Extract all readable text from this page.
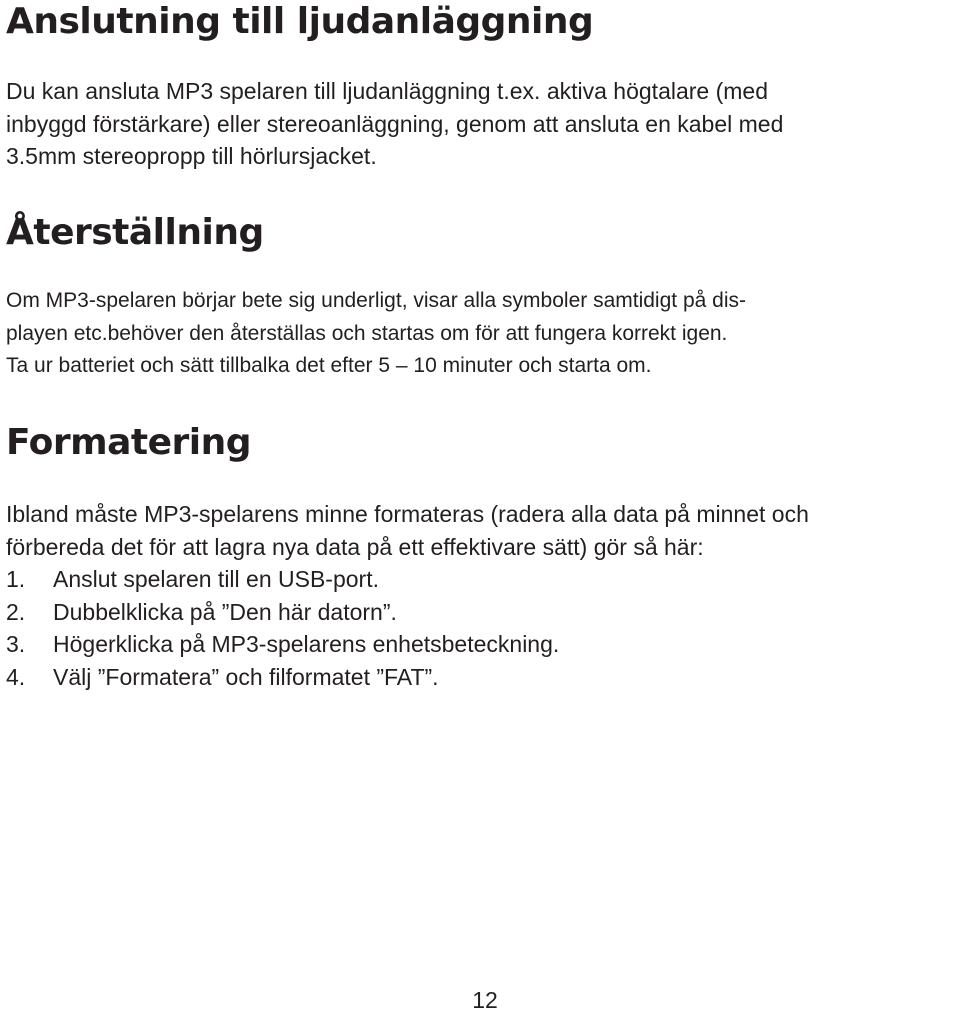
Anslutning till ljudanläggning

Du kan ansluta MP3 spelaren till ljudanläggning t.ex. aktiva högtalare (med
inbyggd förstärkare) eller stereoanläggning, genom att ansluta en kabel med
3.5mm stereopropp till hörlursjacket.

Återställning

Om MP3-spelaren börjar bete sig underligt, visar alla symboler samtidigt på dis-
playen etc.behöver den återställas och startas om för att fungera korrekt igen.
Ta ur batteriet och sätt tillbalka det efter 5 – 10 minuter och starta om.

Formatering

Ibland måste MP3-spelarens minne formateras (radera alla data på minnet och
förbereda det för att lagra nya data på ett effektivare sätt) gör så här:

1.	Anslut spelaren till en USB-port.
2.	Dubbelklicka på ”Den här datorn”.
3.	Högerklicka på MP3-spelarens enhetsbeteckning.
4.	Välj ”Formatera” och filformatet ”FAT”.
12
